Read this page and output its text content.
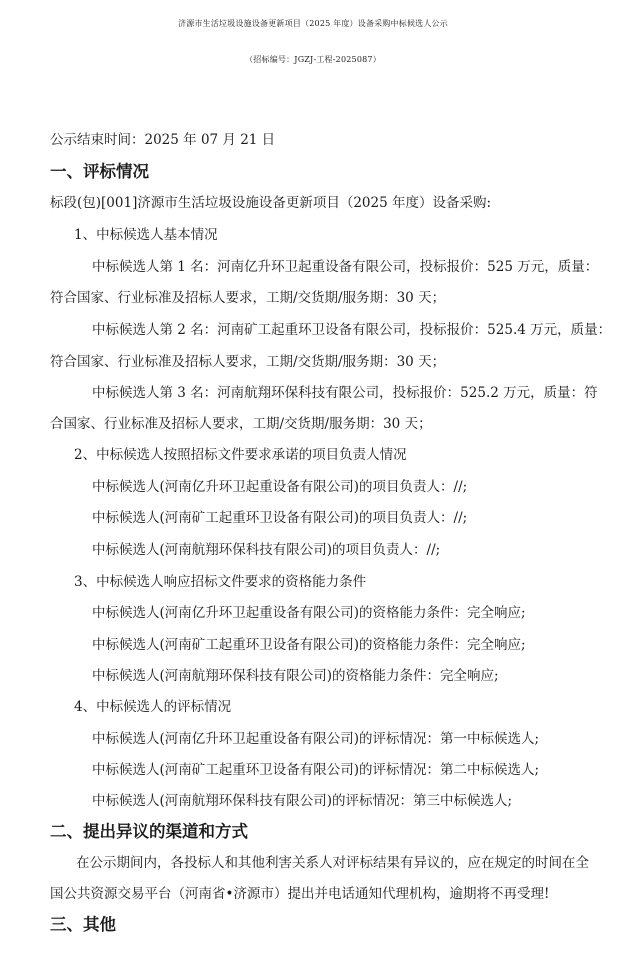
济源市生活垃圾设施设备更新项目（2025 年度）设备采购中标候选人公示
（招标编号：JGZJ-工程-2025087）
公示结束时间：2025 年 07 月 21 日
一、评标情况
标段(包)[001]济源市生活垃圾设施设备更新项目（2025 年度）设备采购:
1、中标候选人基本情况
中标候选人第 1 名：河南亿升环卫起重设备有限公司，投标报价：525 万元，质量：
符合国家、行业标准及招标人要求，工期/交货期/服务期：30 天；
中标候选人第 2 名：河南矿工起重环卫设备有限公司，投标报价：525.4 万元，质量：
符合国家、行业标准及招标人要求，工期/交货期/服务期：30 天；
中标候选人第 3 名：河南航翔环保科技有限公司，投标报价：525.2 万元，质量：符
合国家、行业标准及招标人要求，工期/交货期/服务期：30 天；
2、中标候选人按照招标文件要求承诺的项目负责人情况
中标候选人(河南亿升环卫起重设备有限公司)的项目负责人：//;
中标候选人(河南矿工起重环卫设备有限公司)的项目负责人：//;
中标候选人(河南航翔环保科技有限公司)的项目负责人：//;
3、中标候选人响应招标文件要求的资格能力条件
中标候选人(河南亿升环卫起重设备有限公司)的资格能力条件：完全响应;
中标候选人(河南矿工起重环卫设备有限公司)的资格能力条件：完全响应;
中标候选人(河南航翔环保科技有限公司)的资格能力条件：完全响应;
4、中标候选人的评标情况
中标候选人(河南亿升环卫起重设备有限公司)的评标情况：第一中标候选人;
中标候选人(河南矿工起重环卫设备有限公司)的评标情况：第二中标候选人;
中标候选人(河南航翔环保科技有限公司)的评标情况：第三中标候选人;
二、提出异议的渠道和方式
在公示期间内，各投标人和其他利害关系人对评标结果有异议的，应在规定的时间在全
国公共资源交易平台（河南省•济源市）提出并电话通知代理机构，逾期将不再受理!
三、其他
